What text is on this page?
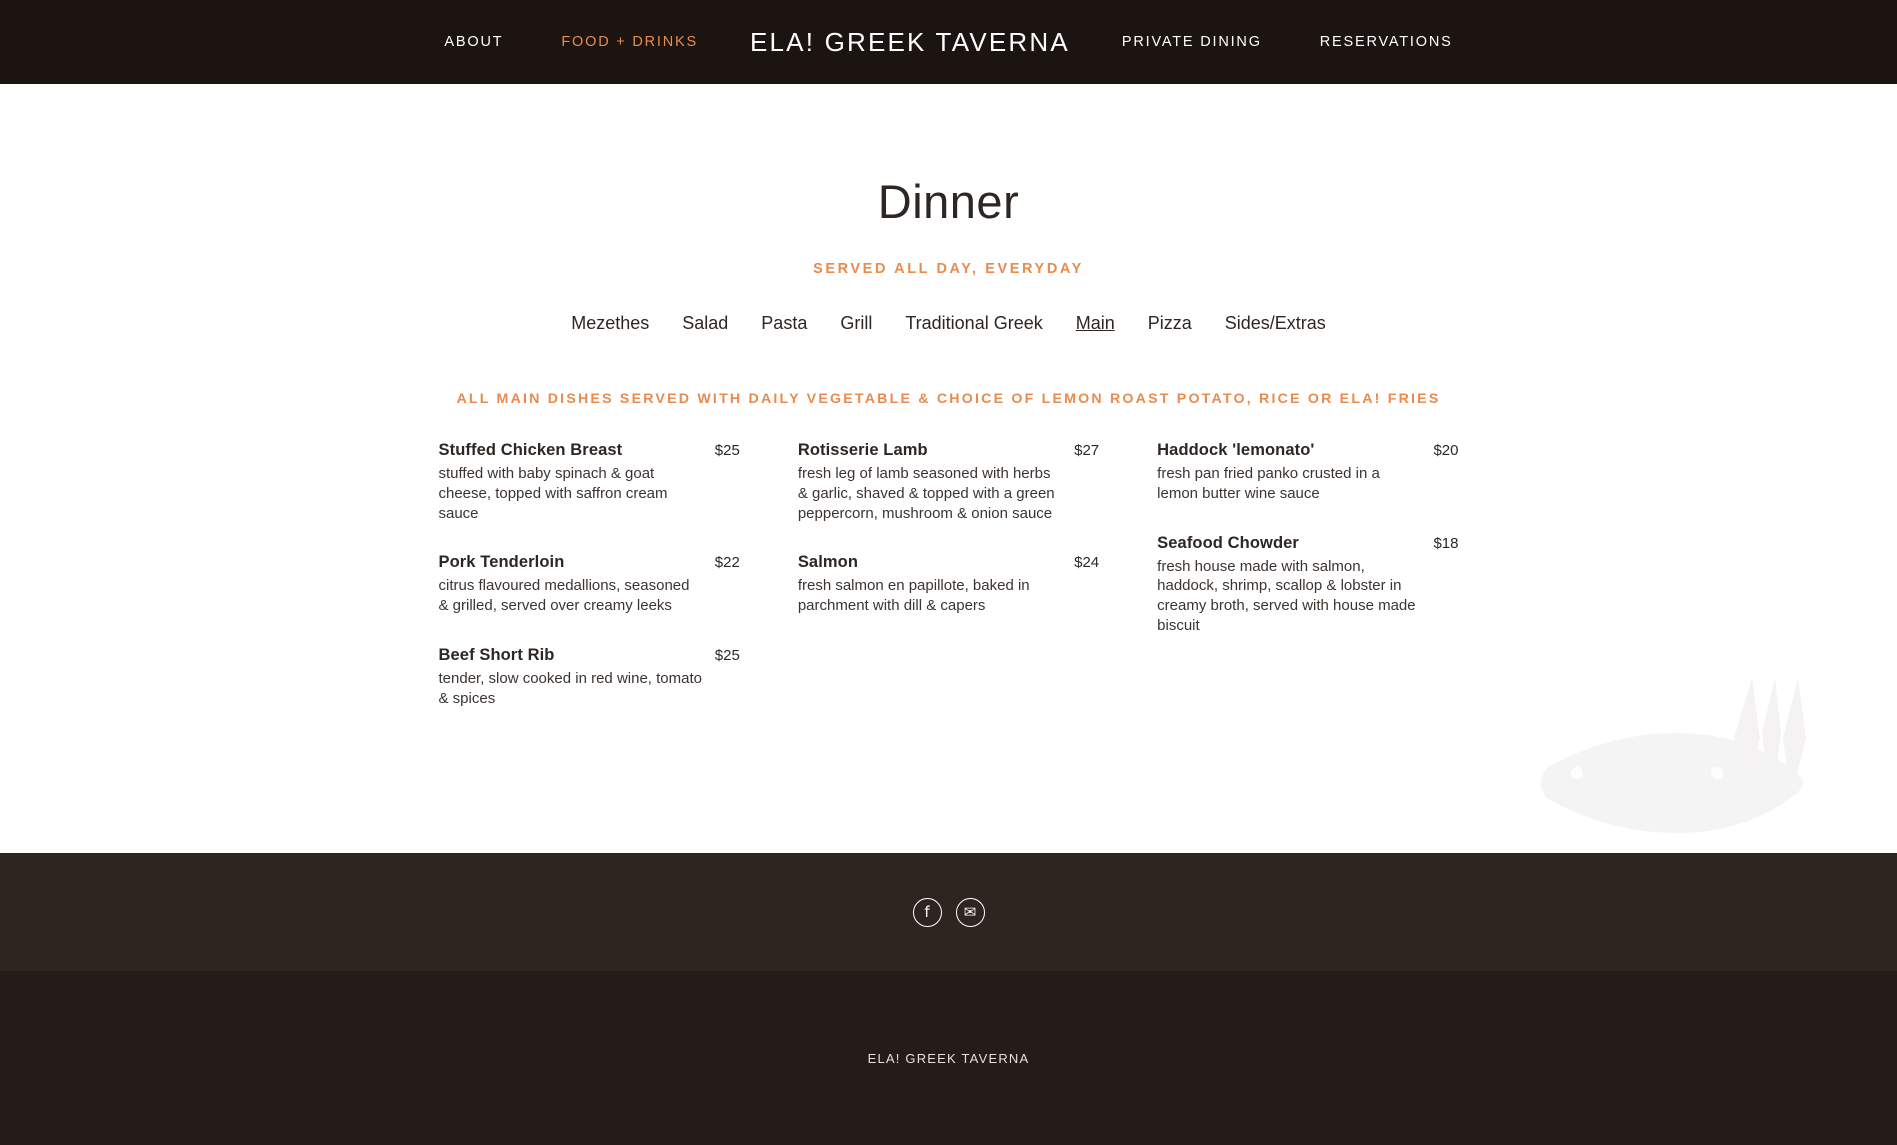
ABOUT	FOOD + DRINKS ELA! GREEK TAVERNA	PRIVATE DINING	RESERVATIONS
Dinner
SERVED ALL DAY, EVERYDAY
Mezethes Salad Pasta Grill Traditional Greek Main Pizza Sides/Extras
ALL MAIN DISHES SERVED WITH DAILY VEGETABLE & CHOICE OF LEMON ROAST POTATO, RICE OR ELA! FRIES
Stuffed Chicken Breast	$25
stuffed with baby spinach & goat cheese, topped with saffron cream sauce
Pork Tenderloin	$22
citrus flavoured medallions, seasoned & grilled, served over creamy leeks
Beef Short Rib	$25
tender, slow cooked in red wine, tomato & spices
Rotisserie Lamb	$27
fresh leg of lamb seasoned with herbs & garlic, shaved & topped with a green peppercorn, mushroom & onion sauce
Salmon	$24
fresh salmon en papillote, baked in parchment with dill & capers
Haddock 'lemonato'	$20
fresh pan fried panko crusted in a lemon butter wine sauce
Seafood Chowder	$18
fresh house made with salmon, haddock, shrimp, scallop & lobster in creamy broth, served with house made biscuit
sirved
f	✉
ELA! GREEK TAVERNA
